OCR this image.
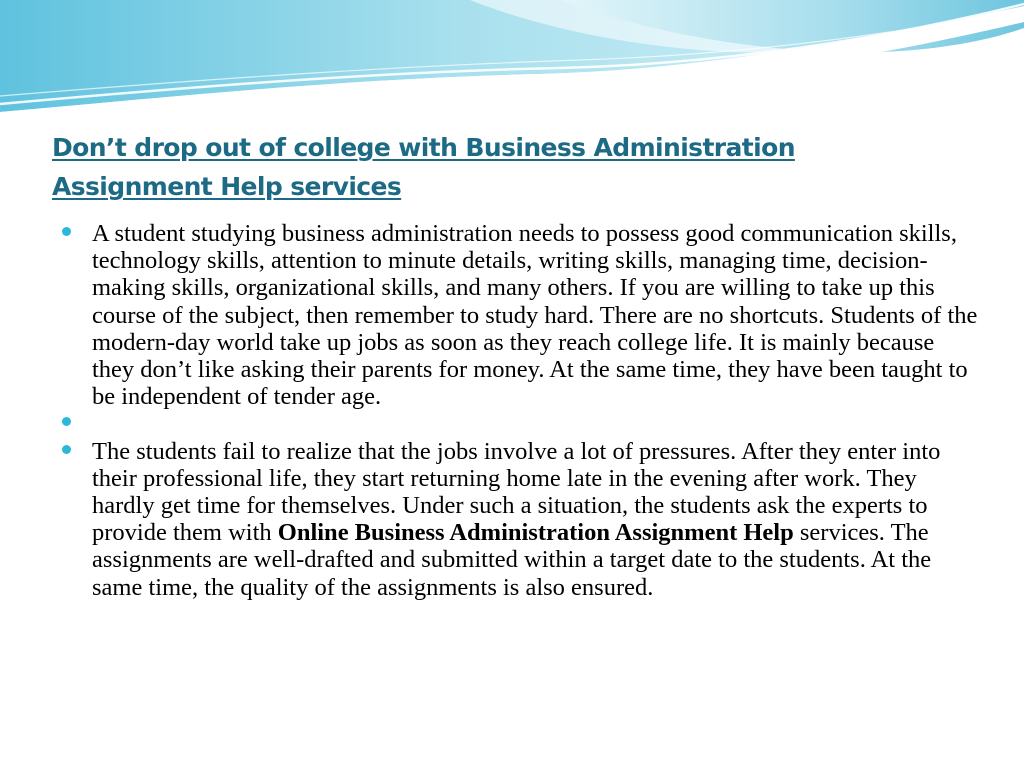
Don’t drop out of college with Business Administration Assignment Help services
A student studying business administration needs to possess good communication skills, technology skills, attention to minute details, writing skills, managing time, decision-making skills, organizational skills, and many others. If you are willing to take up this course of the subject, then remember to study hard. There are no shortcuts. Students of the modern-day world take up jobs as soon as they reach college life. It is mainly because they don’t like asking their parents for money. At the same time, they have been taught to be independent of tender age.
The students fail to realize that the jobs involve a lot of pressures. After they enter into their professional life, they start returning home late in the evening after work. They hardly get time for themselves. Under such a situation, the students ask the experts to provide them with Online Business Administration Assignment Help services. The assignments are well-drafted and submitted within a target date to the students. At the same time, the quality of the assignments is also ensured.
